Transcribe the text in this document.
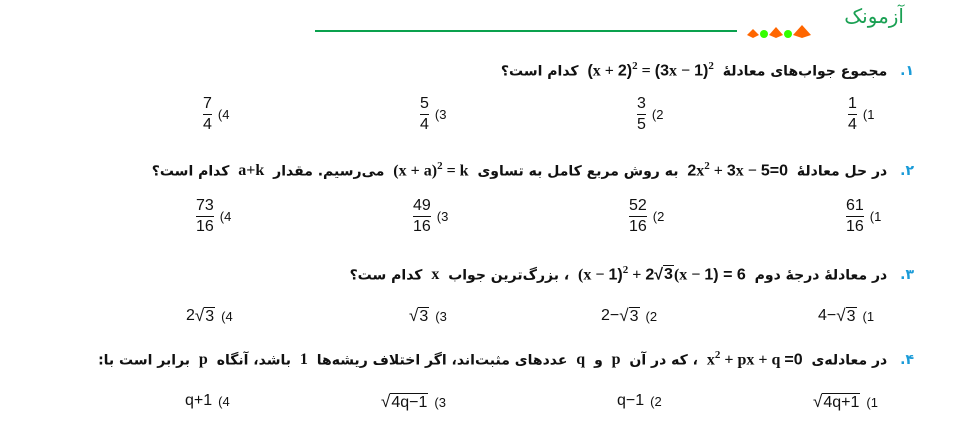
آزمونک
۱. مجموع جواب‌های معادلهٔ $(x + 2)^2 = (3x - 1)^2$ کدام است؟
$\frac{1}{4} (1$
$\frac{3}{5} (2$
$\frac{5}{4} (3$
$\frac{7}{4} (4$
۲. در حل معادلهٔ $2x^2 + 3x - 5=0$ به روش مربع کامل به تساوی $(x + a)^2 = k$ می‌رسیم. مقدار a+k کدام است؟
$\frac{61}{16} (1$
$\frac{52}{16} (2$
$\frac{49}{16} (3$
$\frac{73}{16} (4$
۳. در معادلهٔ درجهٔ دوم $(x - 1)^2 + 2√3(x - 1) = 6$ ، بزرگ‌ترین جواب x کدام ست؟
4− √ 3 (1
2− √ 3 (2
√ 3 (3
2 √ 3 (4
۴. در معادله‌ی $x^2$ + px + q =0 ، که در آن p و q عددهای مثبت‌اند، اگر اختلاف ریشه‌ها 1 باشد، آنگاه p برابر است با:
√ 4q+1 (1
q−1 (2
√ 4q−1 (3
q+1 (4
